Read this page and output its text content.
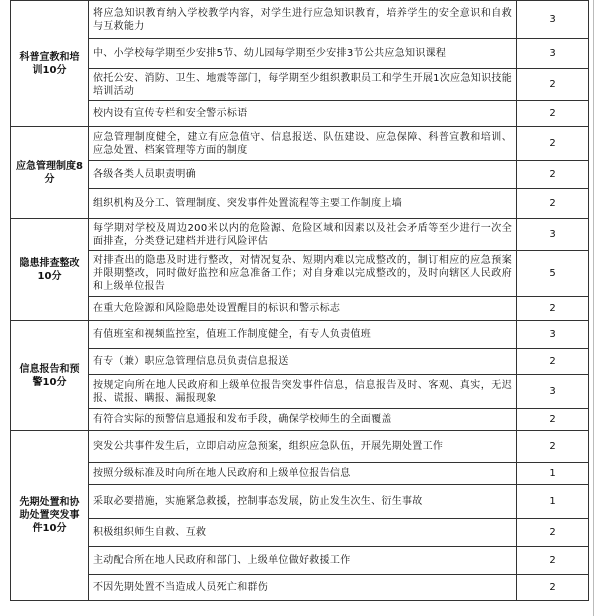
科普宣教和培训10分	将应急知识教育纳入学校教学内容，对学生进行应急知识教育，培养学生的安全意识和自救与互救能力	3
	中、小学校每学期至少安排5节、幼儿园每学期至少安排3节公共应急知识课程	3
	依托公安、消防、卫生、地震等部门，每学期至少组织教职员工和学生开展1次应急知识技能培训活动	2
	校内设有宣传专栏和安全警示标语	2
应急管理制度8分	应急管理制度健全，建立有应急值守、信息报送、队伍建设、应急保障、科普宣教和培训、应急处置、档案管理等方面的制度	2
	各级各类人员职责明确	2
	组织机构及分工、管理制度、突发事件处置流程等主要工作制度上墙	2
隐患排查整改10分	每学期对学校及周边200米以内的危险源、危险区域和因素以及社会矛盾等至少进行一次全面排查，分类登记建档并进行风险评估	3
	对排查出的隐患及时进行整改，对情况复杂、短期内难以完成整改的，制订相应的应急预案并限期整改，同时做好监控和应急准备工作；对自身难以完成整改的，及时向辖区人民政府和上级单位报告	5
	在重大危险源和风险隐患处设置醒目的标识和警示标志	2
信息报告和预警10分	有值班室和视频监控室，值班工作制度健全，有专人负责值班	3
	有专（兼）职应急管理信息员负责信息报送	2
	按规定向所在地人民政府和上级单位报告突发事件信息，信息报告及时、客观、真实，无迟报、谎报、瞒报、漏报现象	3
	有符合实际的预警信息通报和发布手段，确保学校师生的全面覆盖	2
先期处置和协助处置突发事件10分	突发公共事件发生后，立即启动应急预案，组织应急队伍，开展先期处置工作	2
	按照分级标准及时向所在地人民政府和上级单位报告信息	1
	采取必要措施，实施紧急救援，控制事态发展，防止发生次生、衍生事故	1
	积极组织师生自救、互救	2
	主动配合所在地人民政府和部门、上级单位做好救援工作	2
	不因先期处置不当造成人员死亡和群伤	2
